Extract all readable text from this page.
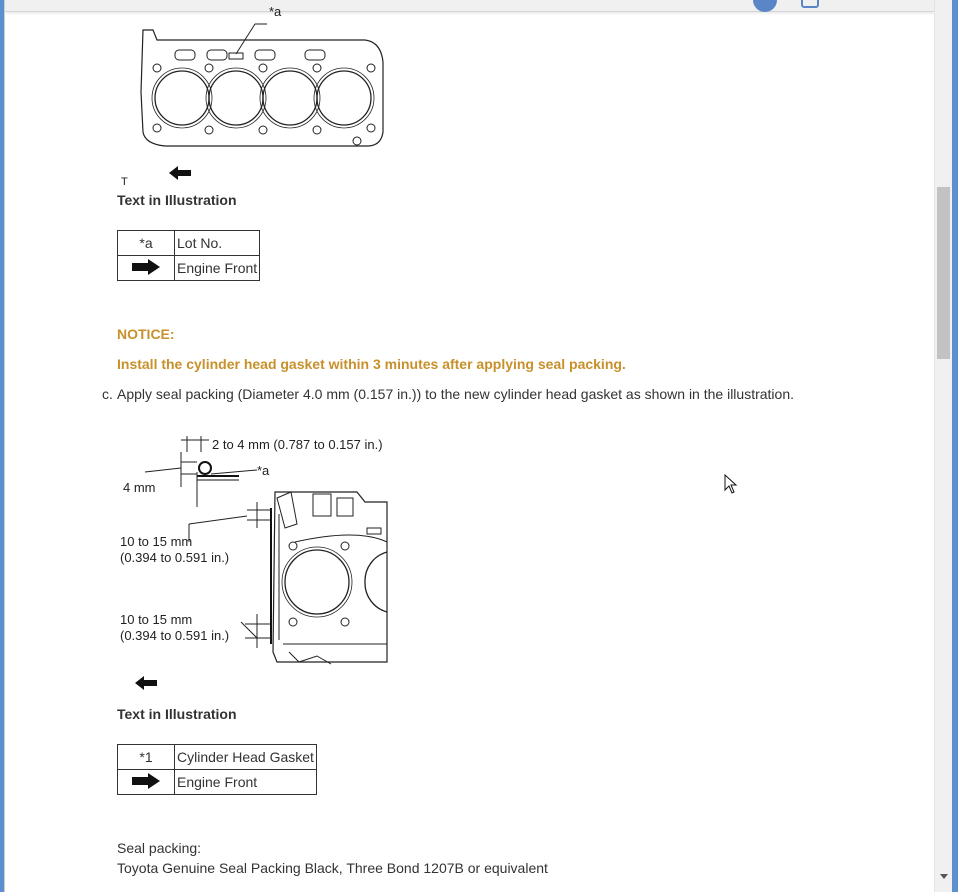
*a
T
Text in Illustration
*a	Lot No.
	Engine Front
NOTICE:
Install the cylinder head gasket within 3 minutes after applying seal packing.
c. Apply seal packing (Diameter 4.0 mm (0.157 in.)) to the new cylinder head gasket as shown in the illustration.
2 to 4 mm (0.787 to 0.157 in.)
4 mm
*a
10 to 15 mm
(0.394 to 0.591 in.)
10 to 15 mm
(0.394 to 0.591 in.)
Text in Illustration
*1	Cylinder Head Gasket
	Engine Front
Seal packing:
Toyota Genuine Seal Packing Black, Three Bond 1207B or equivalent
